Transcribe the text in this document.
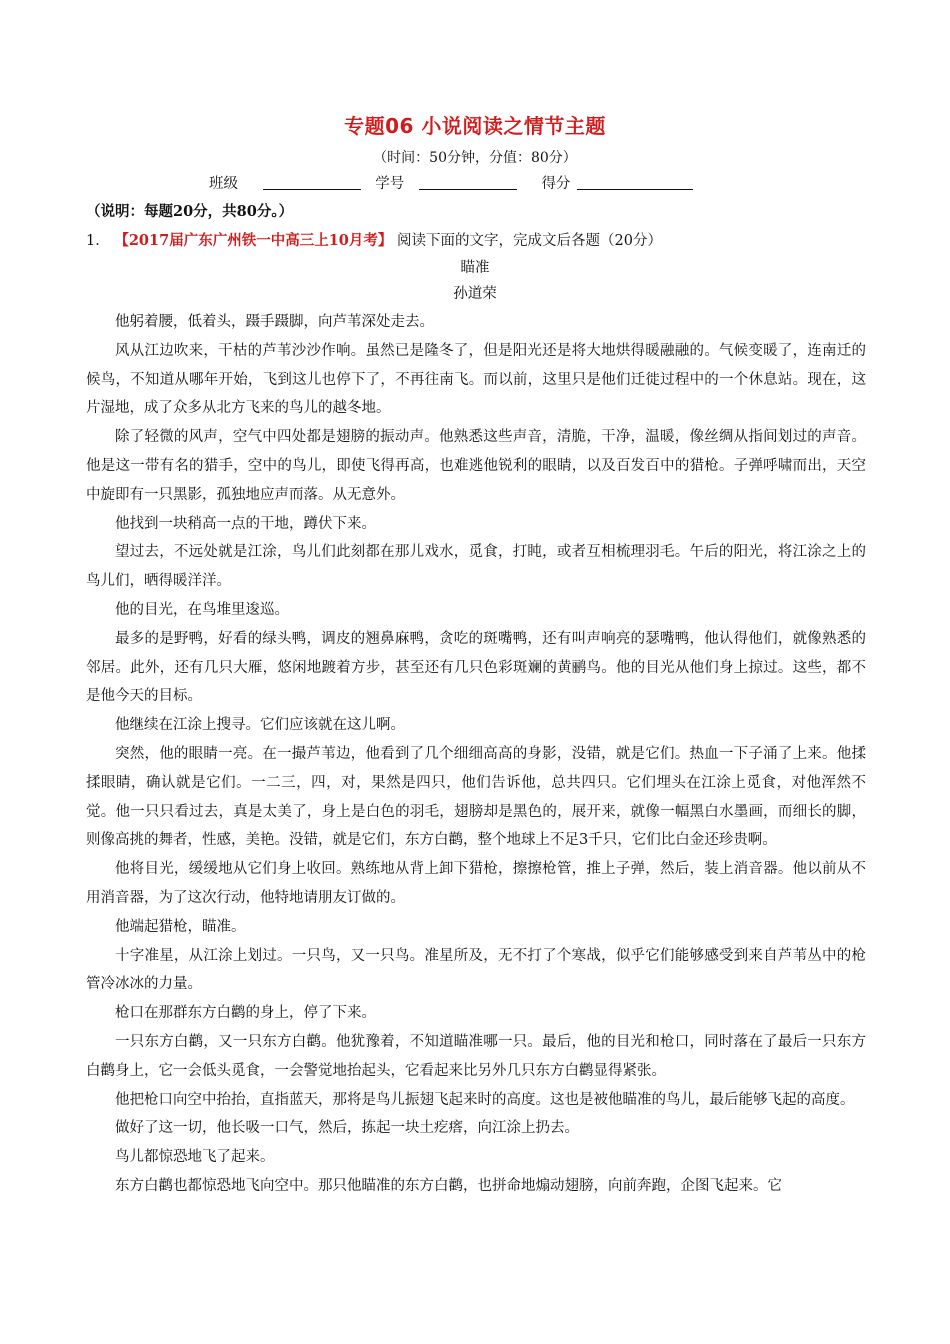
专题06 小说阅读之情节主题
（时间：50分钟，分值：80分）
班级	学号	得分
（说明：每题20分，共80分。）
1． 【2017届广东广州铁一中高三上10月考】 阅读下面的文字，完成文后各题（20分）
瞄准
孙道荣

他躬着腰，低着头，蹑手蹑脚，向芦苇深处走去。

风从江边吹来，干枯的芦苇沙沙作响。虽然已是隆冬了，但是阳光还是将大地烘得暖融融的。气候变暖了，连南迁的候鸟，不知道从哪年开始，飞到这儿也停下了，不再往南飞。而以前，这里只是他们迁徙过程中的一个休息站。现在，这片湿地，成了众多从北方飞来的鸟儿的越冬地。

除了轻微的风声，空气中四处都是翅膀的振动声。他熟悉这些声音，清脆，干净，温暖，像丝绸从指间划过的声音。他是这一带有名的猎手，空中的鸟儿，即使飞得再高，也难逃他锐利的眼睛，以及百发百中的猎枪。子弹呼啸而出，天空中旋即有一只黑影，孤独地应声而落。从无意外。

他找到一块稍高一点的干地，蹲伏下来。

望过去，不远处就是江涂，鸟儿们此刻都在那儿戏水，觅食，打盹，或者互相梳理羽毛。午后的阳光，将江涂之上的鸟儿们，晒得暖洋洋。

他的目光，在鸟堆里逡巡。

最多的是野鸭，好看的绿头鸭，调皮的翘鼻麻鸭，贪吃的斑嘴鸭，还有叫声响亮的瑟嘴鸭，他认得他们，就像熟悉的邻居。此外，还有几只大雁，悠闲地踱着方步，甚至还有几只色彩斑斓的黄鹂鸟。他的目光从他们身上掠过。这些，都不是他今天的目标。

他继续在江涂上搜寻。它们应该就在这儿啊。

突然，他的眼睛一亮。在一撮芦苇边，他看到了几个细细高高的身影，没错，就是它们。热血一下子涌了上来。他揉揉眼睛，确认就是它们。一二三，四，对，果然是四只，他们告诉他，总共四只。它们埋头在江涂上觅食，对他浑然不觉。他一只只看过去，真是太美了，身上是白色的羽毛，翅膀却是黑色的，展开来，就像一幅黑白水墨画，而细长的脚，则像高挑的舞者，性感，美艳。没错，就是它们，东方白鹳，整个地球上不足3千只，它们比白金还珍贵啊。

他将目光，缓缓地从它们身上收回。熟练地从背上卸下猎枪，擦擦枪管，推上子弹，然后，装上消音器。他以前从不用消音器，为了这次行动，他特地请朋友订做的。

他端起猎枪，瞄准。

十字准星，从江涂上划过。一只鸟，又一只鸟。准星所及，无不打了个寒战，似乎它们能够感受到来自芦苇丛中的枪管冷冰冰的力量。

枪口在那群东方白鹳的身上，停了下来。

一只东方白鹳，又一只东方白鹳。他犹豫着，不知道瞄准哪一只。最后，他的目光和枪口，同时落在了最后一只东方白鹳身上，它一会低头觅食，一会警觉地抬起头，它看起来比另外几只东方白鹳显得紧张。

他把枪口向空中抬抬，直指蓝天，那将是鸟儿振翅飞起来时的高度。这也是被他瞄准的鸟儿，最后能够飞起的高度。

做好了这一切，他长吸一口气，然后，拣起一块土疙瘩，向江涂上扔去。

鸟儿都惊恐地飞了起来。

东方白鹳也都惊恐地飞向空中。那只他瞄准的东方白鹳，也拼命地煽动翅膀，向前奔跑，企图飞起来。它
